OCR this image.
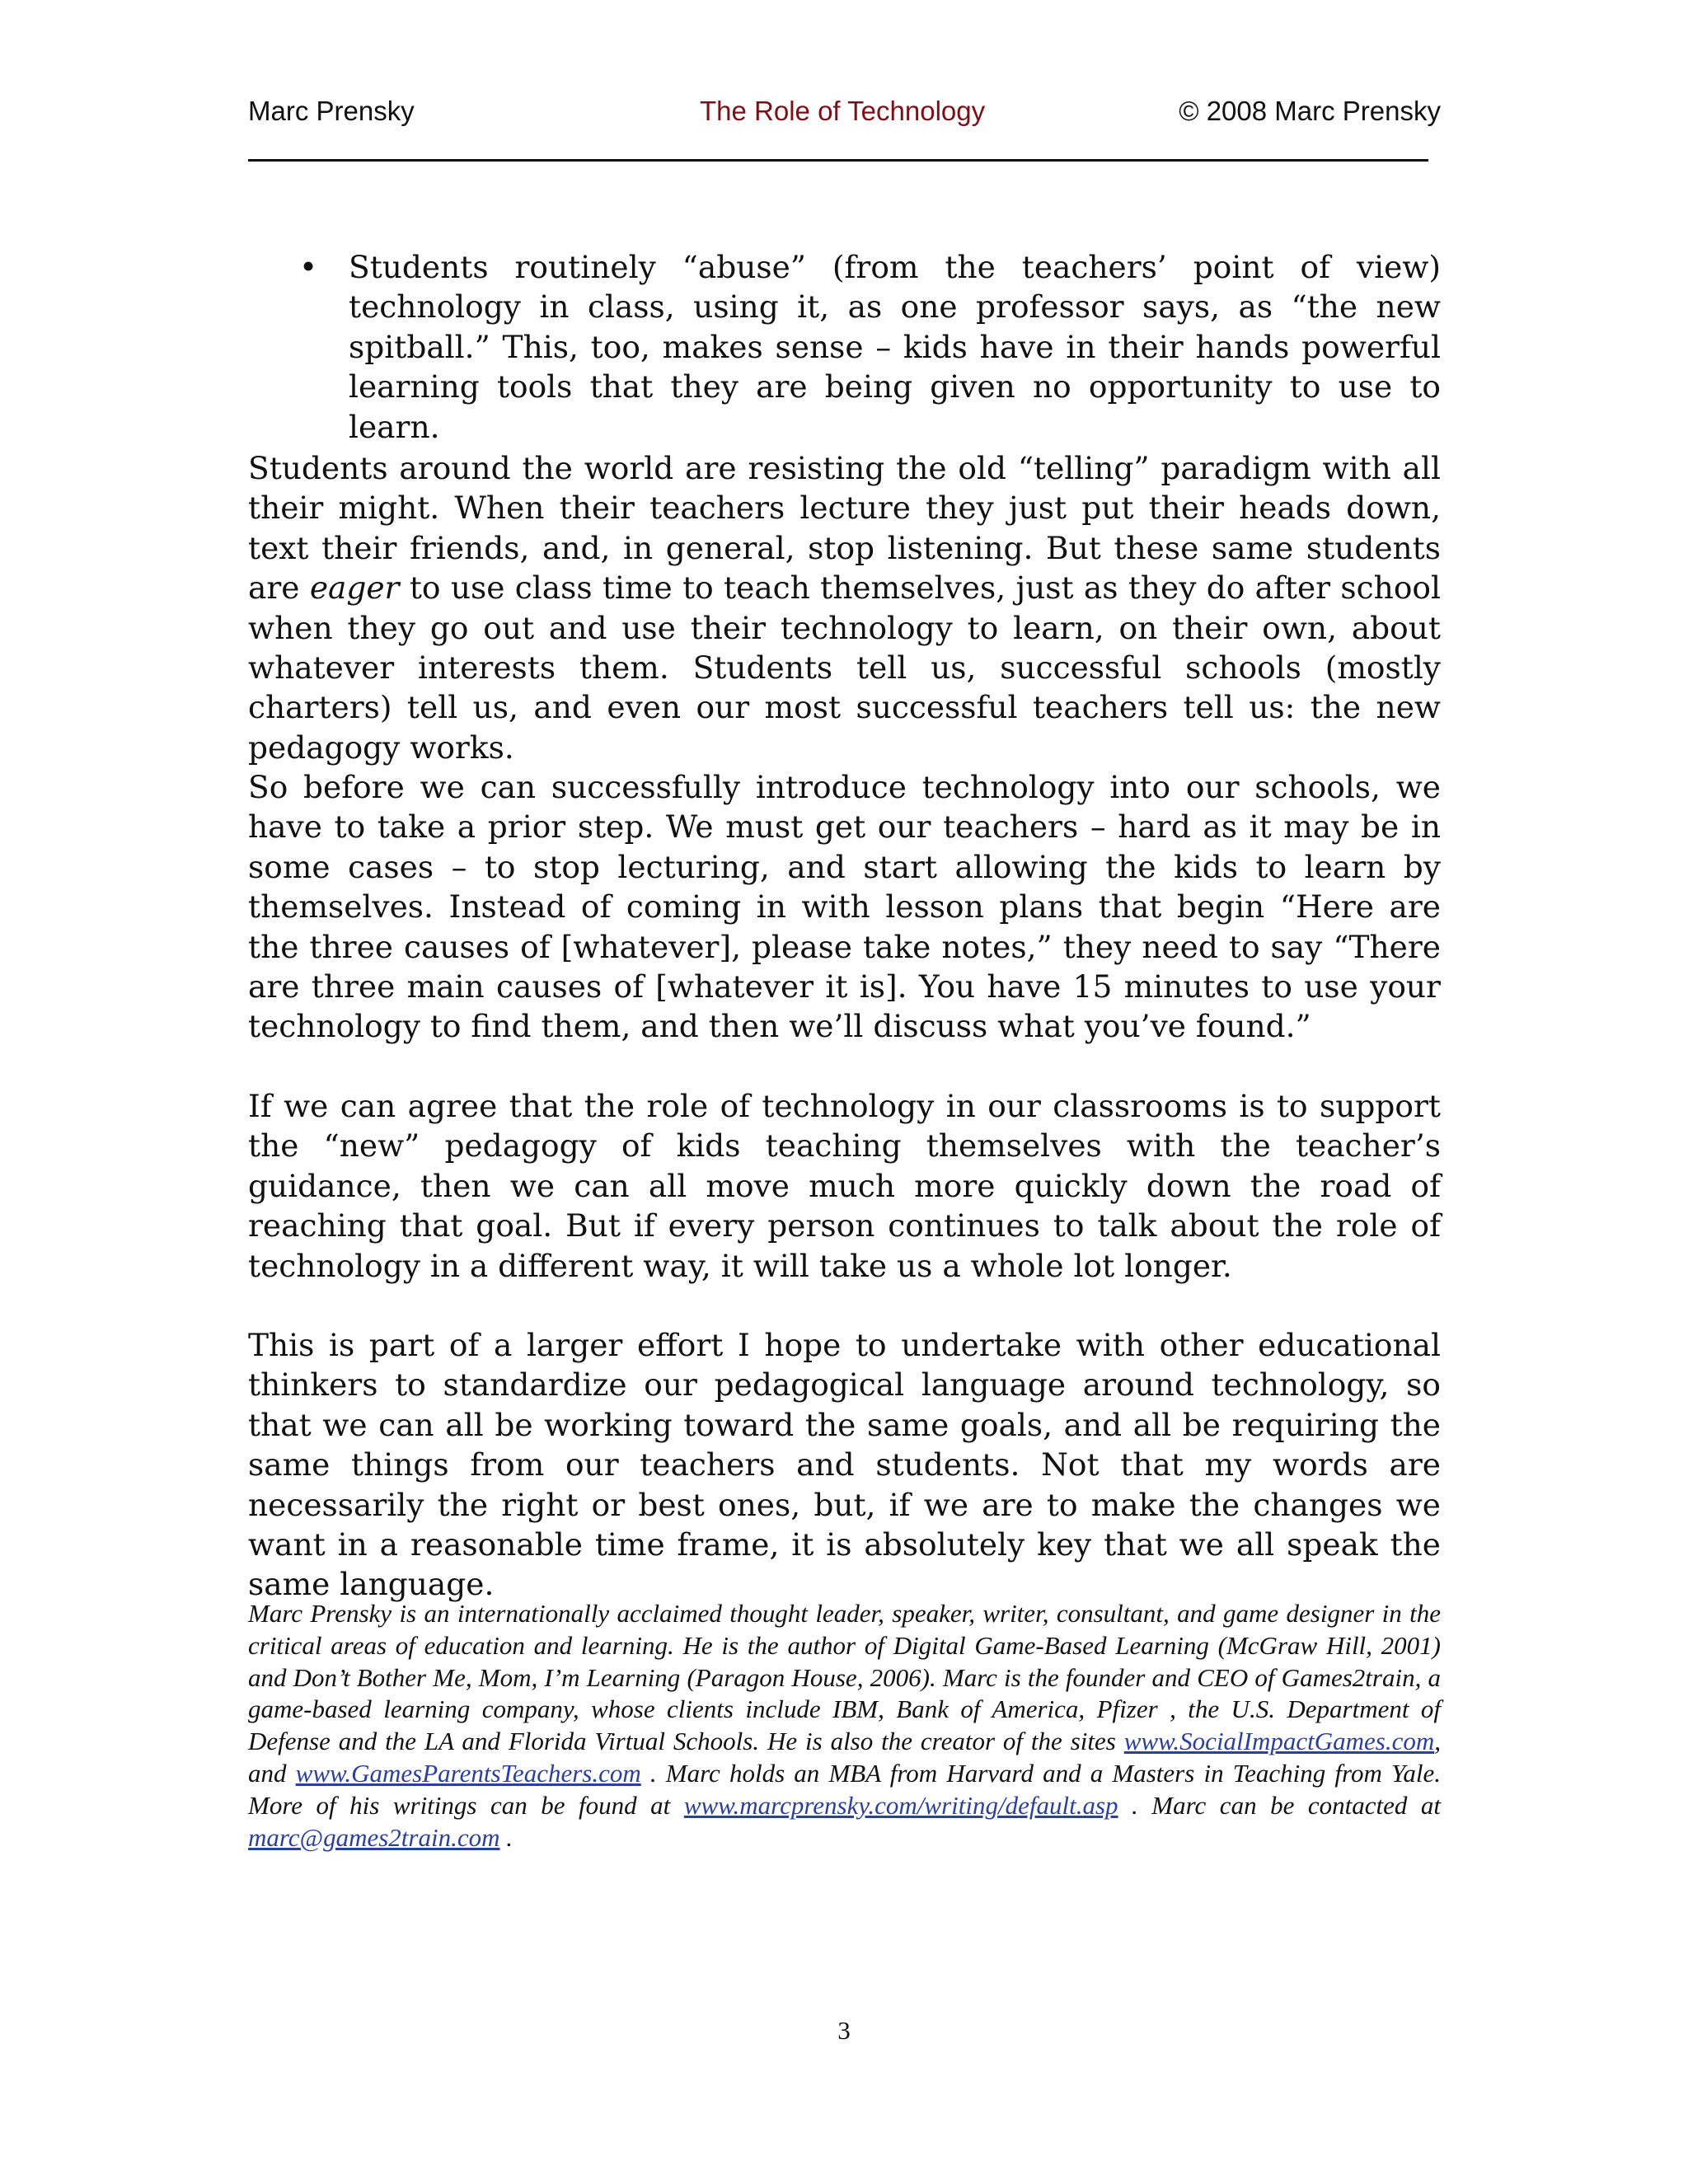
Marc Prensky	The Role of Technology	© 2008 Marc Prensky
• Students routinely “abuse” (from the teachers’ point of view) technology in class, using it, as one professor says, as “the new spitball.” This, too, makes sense – kids have in their hands powerful learning tools that they are being given no opportunity to use to learn.
Students around the world are resisting the old “telling” paradigm with all their might. When their teachers lecture they just put their heads down, text their friends, and, in general, stop listening. But these same students are eager to use class time to teach themselves, just as they do after school when they go out and use their technology to learn, on their own, about whatever interests them. Students tell us, successful schools (mostly charters) tell us, and even our most successful teachers tell us: the new pedagogy works.
So before we can successfully introduce technology into our schools, we have to take a prior step. We must get our teachers – hard as it may be in some cases – to stop lecturing, and start allowing the kids to learn by themselves. Instead of coming in with lesson plans that begin “Here are the three causes of [whatever], please take notes,” they need to say “There are three main causes of [whatever it is]. You have 15 minutes to use your technology to find them, and then we’ll discuss what you’ve found.”
If we can agree that the role of technology in our classrooms is to support the “new” pedagogy of kids teaching themselves with the teacher’s guidance, then we can all move much more quickly down the road of reaching that goal. But if every person continues to talk about the role of technology in a different way, it will take us a whole lot longer.
This is part of a larger effort I hope to undertake with other educational thinkers to standardize our pedagogical language around technology, so that we can all be working toward the same goals, and all be requiring the same things from our teachers and students. Not that my words are necessarily the right or best ones, but, if we are to make the changes we want in a reasonable time frame, it is absolutely key that we all speak the same language.
Marc Prensky is an internationally acclaimed thought leader, speaker, writer, consultant, and game designer in the critical areas of education and learning. He is the author of Digital Game-Based Learning (McGraw Hill, 2001) and Don’t Bother Me, Mom, I’m Learning (Paragon House, 2006). Marc is the founder and CEO of Games2train, a game-based learning company, whose clients include IBM, Bank of America, Pfizer , the U.S. Department of Defense and the LA and Florida Virtual Schools. He is also the creator of the sites www.SocialImpactGames.com, and www.GamesParentsTeachers.com . Marc holds an MBA from Harvard and a Masters in Teaching from Yale. More of his writings can be found at www.marcprensky.com/writing/default.asp . Marc can be contacted at marc@games2train.com .
3
